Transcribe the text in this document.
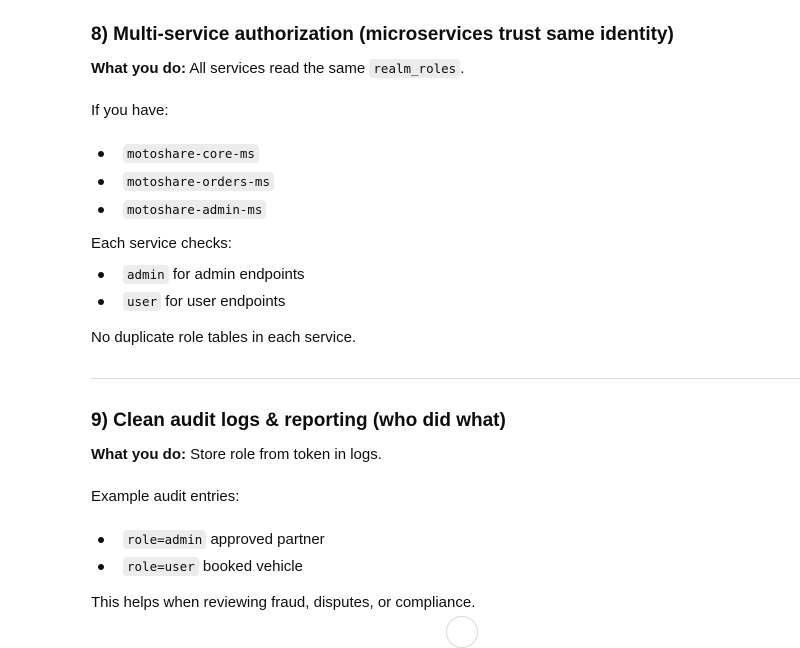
8) Multi-service authorization (microservices trust same identity)
What you do: All services read the same realm_roles .
If you have:
motoshare-core-ms
motoshare-orders-ms
motoshare-admin-ms
Each service checks:
admin for admin endpoints
user for user endpoints
No duplicate role tables in each service.
9) Clean audit logs & reporting (who did what)
What you do: Store role from token in logs.
Example audit entries:
role=admin approved partner
role=user booked vehicle
This helps when reviewing fraud, disputes, or compliance.
